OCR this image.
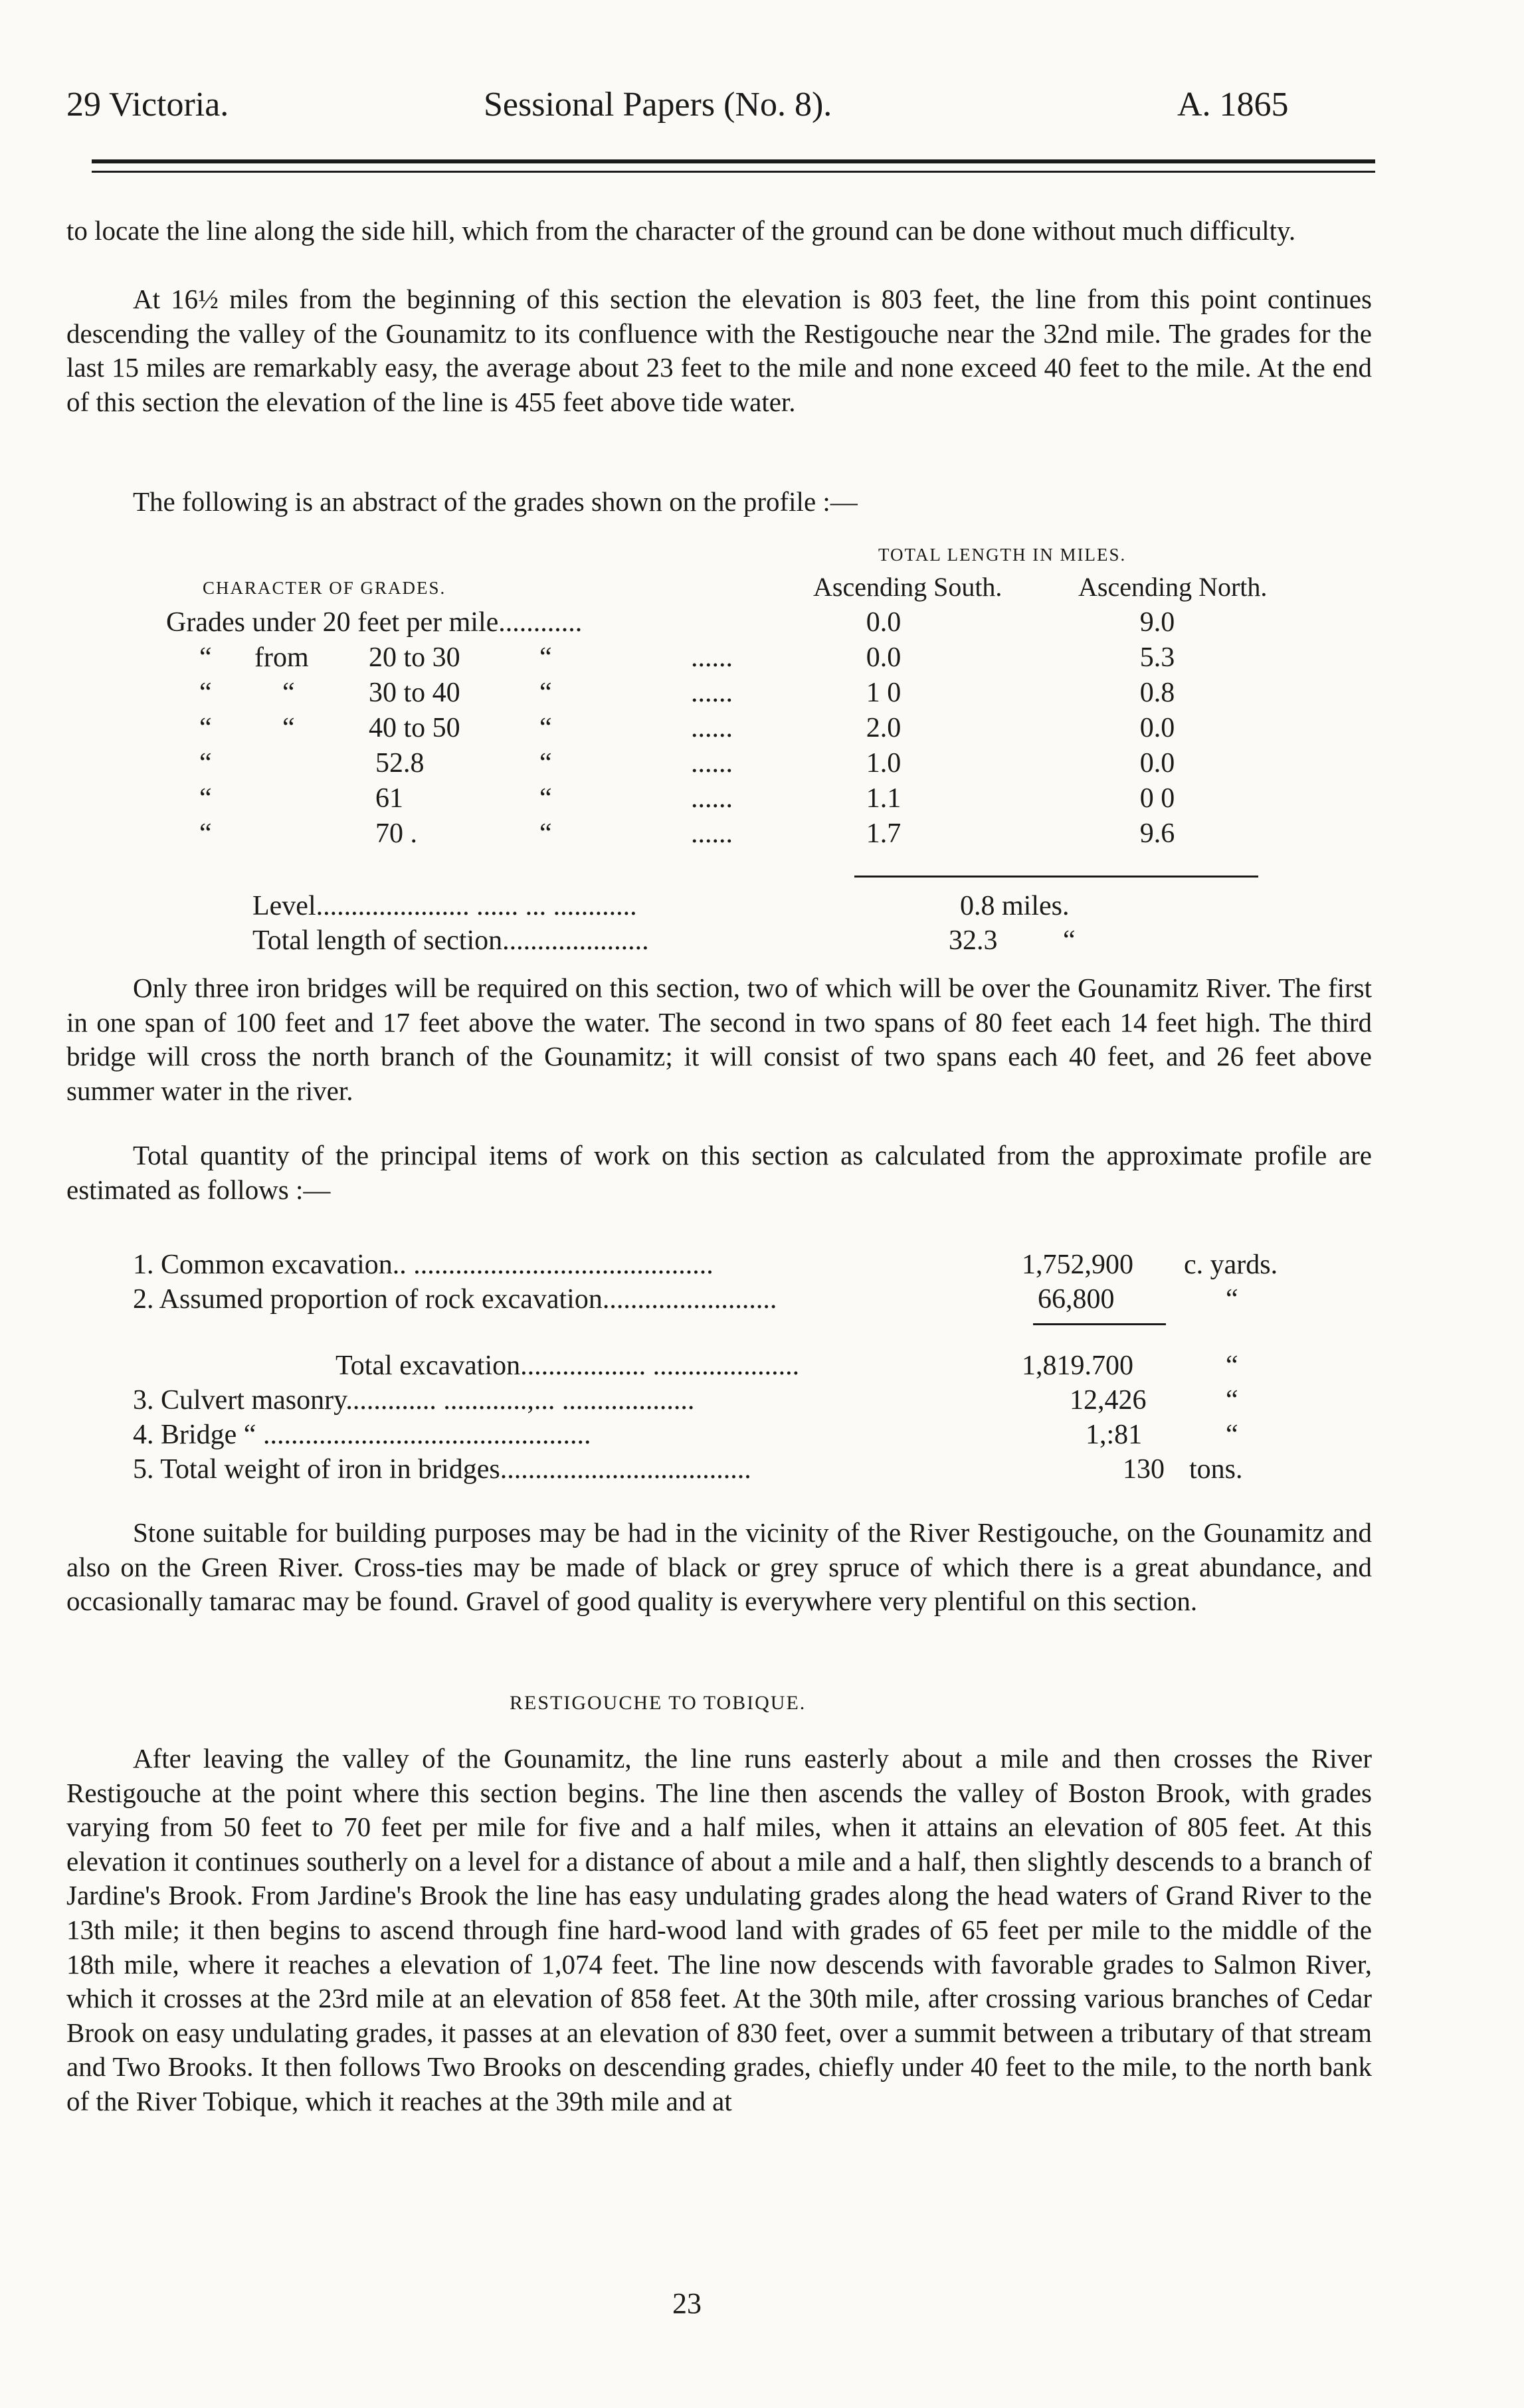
29 Victoria.	Sessional Papers (No. 8).	A. 1865
to locate the line along the side hill, which from the character of the ground can be done without much difficulty.
At 16½ miles from the beginning of this section the elevation is 803 feet, the line from this point continues descending the valley of the Gounamitz to its confluence with the Restigouche near the 32nd mile. The grades for the last 15 miles are remarkably easy, the average about 23 feet to the mile and none exceed 40 feet to the mile. At the end of this section the elevation of the line is 455 feet above tide water.
The following is an abstract of the grades shown on the profile :—
TOTAL LENGTH IN MILES.
CHARACTER OF GRADES.	Ascending South.	Ascending North.
Grades under 20 feet per mile............	0.0	9.0
“ from 20 to 30	“	......	0.0	5.3
“	“	30 to 40	“	......	1 0	0.8
“	“	40 to 50	“	......	2.0	0.0
“	52.8	“	......	1.0	0.0
“	61	“	......	1.1	0 0
“	70 .	“	......	1.7	9.6
Level...................... ...... ... ............	0.8 miles.
Total length of section.....................	32.3 “
Only three iron bridges will be required on this section, two of which will be over the Gounamitz River. The first in one span of 100 feet and 17 feet above the water. The second in two spans of 80 feet each 14 feet high. The third bridge will cross the north branch of the Gounamitz; it will consist of two spans each 40 feet, and 26 feet above summer water in the river.
Total quantity of the principal items of work on this section as calculated from the approximate profile are estimated as follows :—
1. Common excavation.. ...........................................	1,752,900 c. yards.
2. Assumed proportion of rock excavation.........................	66,800	“
Total excavation.................. .....................	1,819.700	“
3. Culvert masonry............. ............,... ...................	12,426	“
4. Bridge “ ...............................................	1,:81	“
5. Total weight of iron in bridges....................................	130 tons.
Stone suitable for building purposes may be had in the vicinity of the River Restigouche, on the Gounamitz and also on the Green River. Cross-ties may be made of black or grey spruce of which there is a great abundance, and occasionally tamarac may be found. Gravel of good quality is everywhere very plentiful on this section.
RESTIGOUCHE TO TOBIQUE.
After leaving the valley of the Gounamitz, the line runs easterly about a mile and then crosses the River Restigouche at the point where this section begins. The line then ascends the valley of Boston Brook, with grades varying from 50 feet to 70 feet per mile for five and a half miles, when it attains an elevation of 805 feet. At this elevation it continues southerly on a level for a distance of about a mile and a half, then slightly descends to a branch of Jardine's Brook. From Jardine's Brook the line has easy undulating grades along the head waters of Grand River to the 13th mile; it then begins to ascend through fine hard-wood land with grades of 65 feet per mile to the middle of the 18th mile, where it reaches a elevation of 1,074 feet. The line now descends with favorable grades to Salmon River, which it crosses at the 23rd mile at an elevation of 858 feet. At the 30th mile, after crossing various branches of Cedar Brook on easy undulating grades, it passes at an elevation of 830 feet, over a summit between a tributary of that stream and Two Brooks. It then follows Two Brooks on descending grades, chiefly under 40 feet to the mile, to the north bank of the River Tobique, which it reaches at the 39th mile and at
23
